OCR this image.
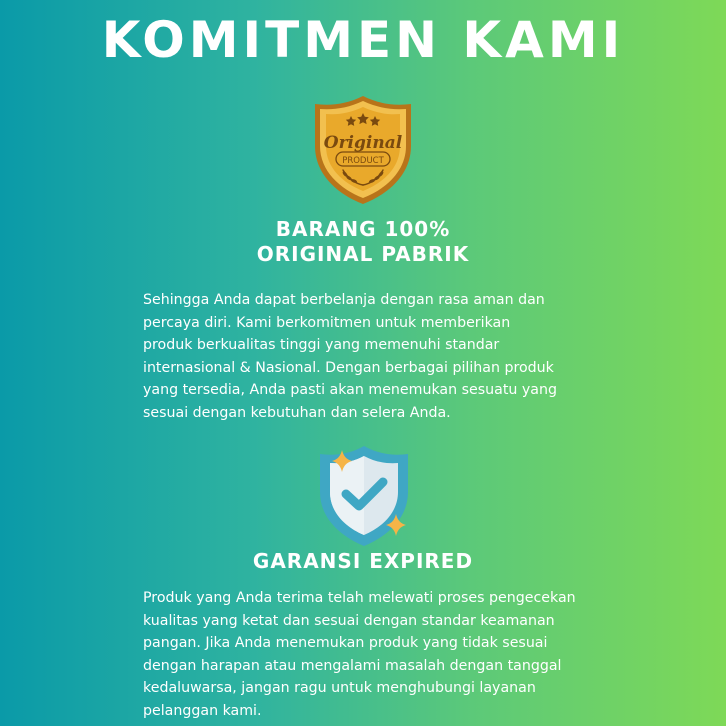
KOMITMEN KAMI
Original
PRODUCT
BARANG 100%
ORIGINAL PABRIK
Sehingga Anda dapat berbelanja dengan rasa aman dan
percaya diri. Kami berkomitmen untuk memberikan
produk berkualitas tinggi yang memenuhi standar
internasional & Nasional. Dengan berbagai pilihan produk
yang tersedia, Anda pasti akan menemukan sesuatu yang
sesuai dengan kebutuhan dan selera Anda.
GARANSI EXPIRED
Produk yang Anda terima telah melewati proses pengecekan
kualitas yang ketat dan sesuai dengan standar keamanan
pangan. Jika Anda menemukan produk yang tidak sesuai
dengan harapan atau mengalami masalah dengan tanggal
kedaluwarsa, jangan ragu untuk menghubungi layanan
pelanggan kami.
